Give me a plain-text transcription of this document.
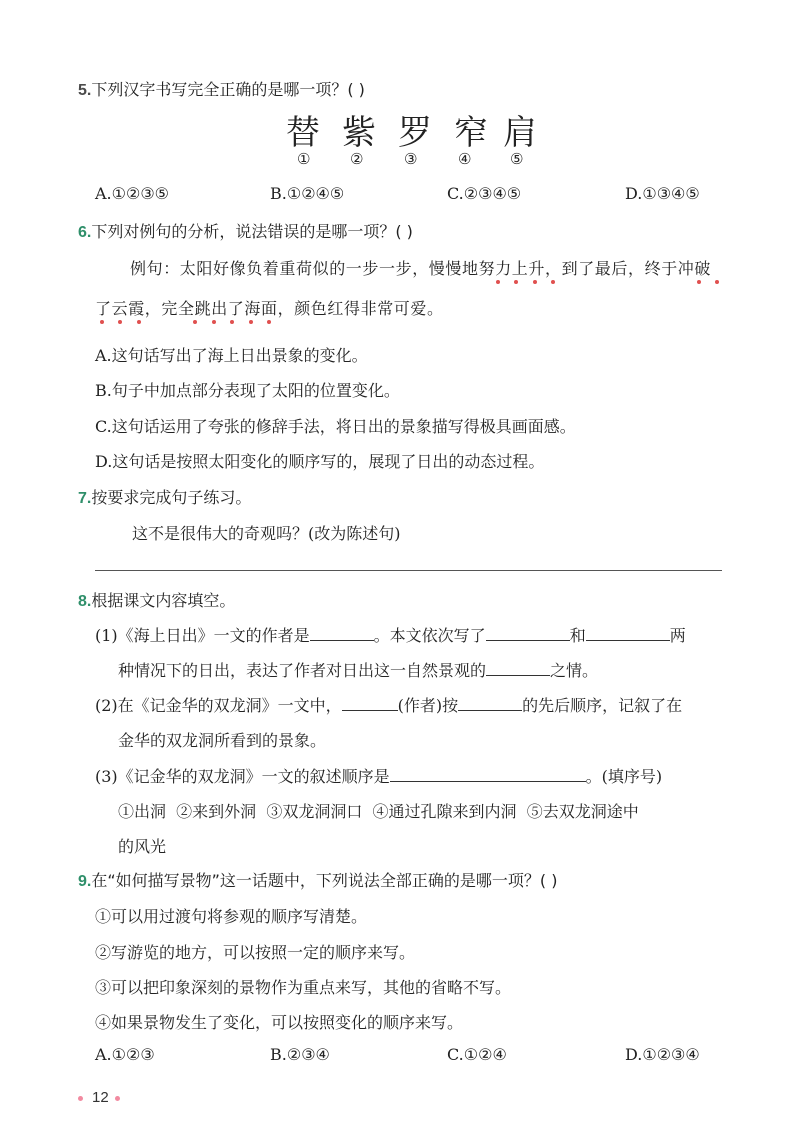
5.下列汉字书写完全正确的是哪一项？( )
替 紫 罗 窄 肩
①	②	③	④	⑤
A.①②③⑤	B.①②④⑤	C.②③④⑤	D.①③④⑤
6.下列对例句的分析，说法错误的是哪一项？( )
例句：太阳好像负着重荷似的一步一步，慢慢地努力上升，到了最后，终于冲破
了云霞，完全跳出了海面，颜色红得非常可爱。
A.这句话写出了海上日出景象的变化。
B.句子中加点部分表现了太阳的位置变化。
C.这句话运用了夸张的修辞手法，将日出的景象描写得极具画面感。
D.这句话是按照太阳变化的顺序写的，展现了日出的动态过程。
7.按要求完成句子练习。
这不是很伟大的奇观吗？(改为陈述句)
8.根据课文内容填空。
(1)《海上日出》一文的作者是	。本文依次写了	和	两
种情况下的日出，表达了作者对日出这一自然景观的	之情。
(2)在《记金华的双龙洞》一文中，	(作者)按	的先后顺序，记叙了在
金华的双龙洞所看到的景象。
(3)《记金华的双龙洞》一文的叙述顺序是	。(填序号)
①出洞  ②来到外洞  ③双龙洞洞口  ④通过孔隙来到内洞  ⑤去双龙洞途中
的风光
9.在“如何描写景物”这一话题中，下列说法全部正确的是哪一项？( )
①可以用过渡句将参观的顺序写清楚。
②写游览的地方，可以按照一定的顺序来写。
③可以把印象深刻的景物作为重点来写，其他的省略不写。
④如果景物发生了变化，可以按照变化的顺序来写。
A.①②③	B.②③④	C.①②④	D.①②③④
12
